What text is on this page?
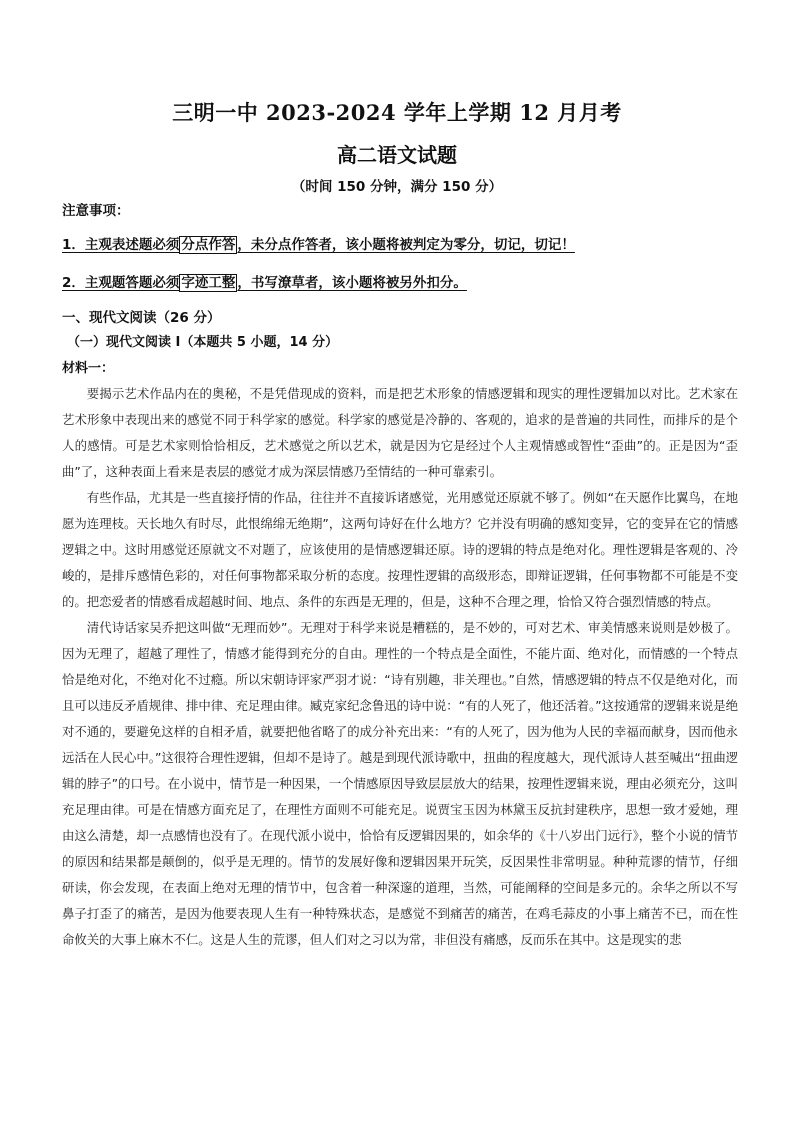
三明一中 2023-2024 学年上学期 12 月月考
高二语文试题
（时间 150 分钟，满分 150 分）
注意事项：
1．主观表述题必须 分点作答 ，未分点作答者，该小题将被判定为零分，切记，切记！
2．主观题答题必须 字迹工整 ，书写潦草者，该小题将被另外扣分。
一、现代文阅读（26 分）
（一）现代文阅读 I（本题共 5 小题，14 分）
材料一：

要揭示艺术作品内在的奥秘，不是凭借现成的资料，而是把艺术形象的情感逻辑和现实的理性逻辑加以对比。艺术家在艺术形象中表现出来的感觉不同于科学家的感觉。科学家的感觉是冷静的、客观的，追求的是普遍的共同性，而排斥的是个人的感情。可是艺术家则恰恰相反，艺术感觉之所以艺术，就是因为它是经过个人主观情感或智性“歪曲”的。正是因为“歪曲”了，这种表面上看来是表层的感觉才成为深层情感乃至情结的一种可靠索引。

有些作品，尤其是一些直接抒情的作品，往往并不直接诉诸感觉，光用感觉还原就不够了。例如“在天愿作比翼鸟，在地愿为连理枝。天长地久有时尽，此恨绵绵无绝期”，这两句诗好在什么地方？它并没有明确的感知变异，它的变异在它的情感逻辑之中。这时用感觉还原就文不对题了，应该使用的是情感逻辑还原。诗的逻辑的特点是绝对化。理性逻辑是客观的、冷峻的，是排斥感情色彩的，对任何事物都采取分析的态度。按理性逻辑的高级形态，即辩证逻辑，任何事物都不可能是不变的。把恋爱者的情感看成超越时间、地点、条件的东西是无理的，但是，这种不合理之理，恰恰又符合强烈情感的特点。

清代诗话家吴乔把这叫做“无理而妙”。无理对于科学来说是糟糕的，是不妙的，可对艺术、审美情感来说则是妙极了。因为无理了，超越了理性了，情感才能得到充分的自由。理性的一个特点是全面性，不能片面、绝对化，而情感的一个特点恰是绝对化，不绝对化不过瘾。所以宋朝诗评家严羽才说：“诗有别趣，非关理也。”自然，情感逻辑的特点不仅是绝对化，而且可以违反矛盾规律、排中律、充足理由律。臧克家纪念鲁迅的诗中说：“有的人死了，他还活着。”这按通常的逻辑来说是绝对不通的，要避免这样的自相矛盾，就要把他省略了的成分补充出来：“有的人死了，因为他为人民的幸福而献身，因而他永远活在人民心中。”这很符合理性逻辑，但却不是诗了。越是到现代派诗歌中，扭曲的程度越大，现代派诗人甚至喊出“扭曲逻辑的脖子”的口号。在小说中，情节是一种因果，一个情感原因导致层层放大的结果，按理性逻辑来说，理由必须充分，这叫充足理由律。可是在情感方面充足了，在理性方面则不可能充足。说贾宝玉因为林黛玉反抗封建秩序，思想一致才爱她，理由这么清楚，却一点感情也没有了。在现代派小说中，恰恰有反逻辑因果的，如余华的《十八岁出门远行》，整个小说的情节的原因和结果都是颠倒的，似乎是无理的。情节的发展好像和逻辑因果开玩笑，反因果性非常明显。种种荒谬的情节，仔细研读，你会发现，在表面上绝对无理的情节中，包含着一种深邃的道理，当然，可能阐释的空间是多元的。余华之所以不写鼻子打歪了的痛苦，是因为他要表现人生有一种特殊状态，是感觉不到痛苦的痛苦，在鸡毛蒜皮的小事上痛苦不已，而在性命攸关的大事上麻木不仁。这是人生的荒谬，但人们对之习以为常，非但没有痛感，反而乐在其中。这是现实的悲
